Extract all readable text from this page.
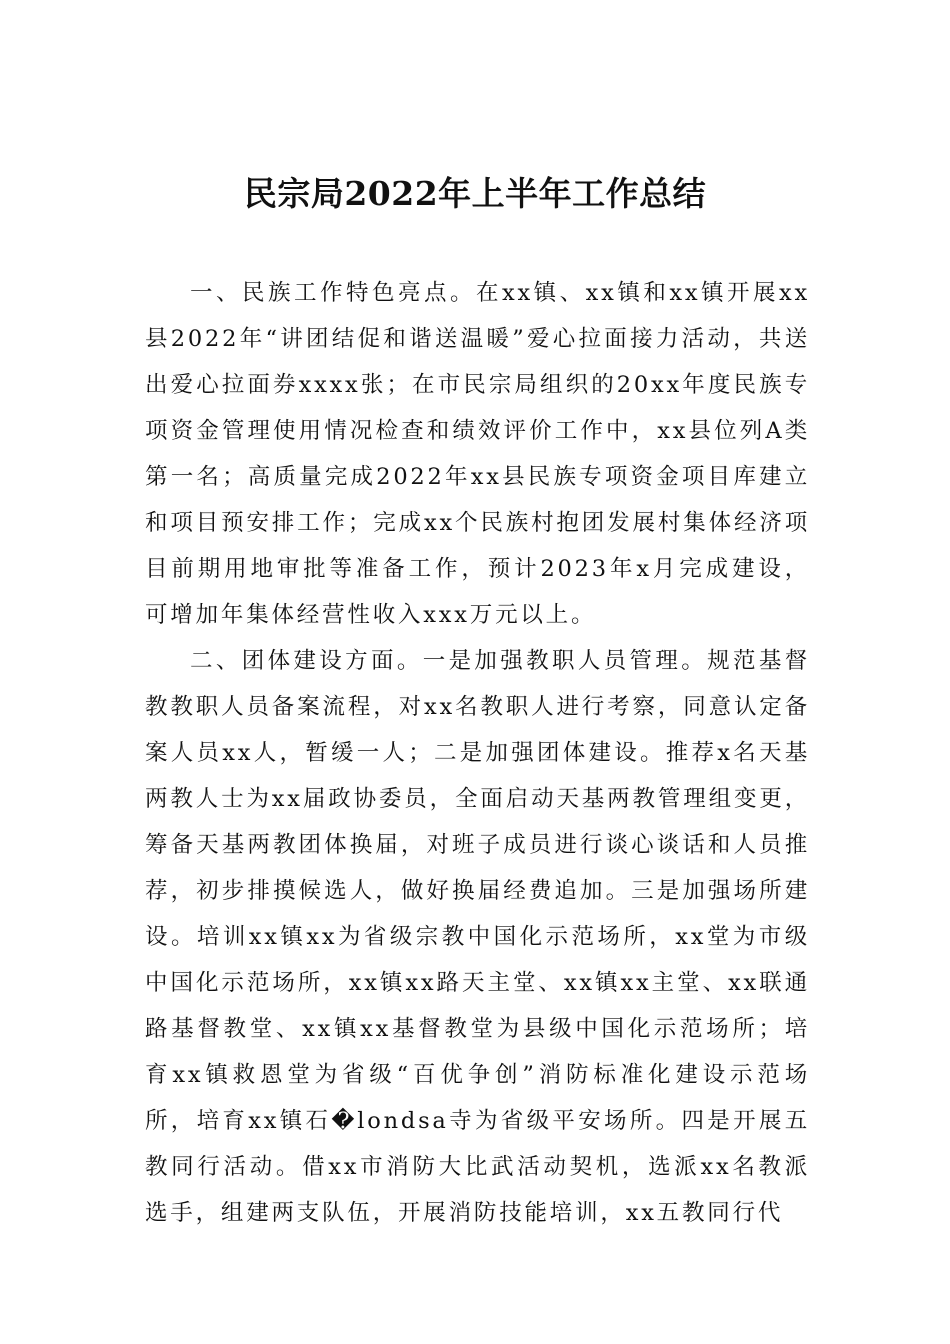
民宗局2022年上半年工作总结

一、民族工作特色亮点。在xx镇、xx镇和xx镇开展xx县2022年“讲团结促和谐送温暖”爱心拉面接力活动，共送出爱心拉面券xxxx张；在市民宗局组织的20xx年度民族专项资金管理使用情况检查和绩效评价工作中，xx县位列A类第一名；高质量完成2022年xx县民族专项资金项目库建立和项目预安排工作；完成xx个民族村抱团发展村集体经济项目前期用地审批等准备工作，预计2023年x月完成建设，可增加年集体经营性收入xxx万元以上。

二、团体建设方面。一是加强教职人员管理。规范基督教教职人员备案流程，对xx名教职人进行考察，同意认定备案人员xx人，暂缓一人；二是加强团体建设。推荐x名天基两教人士为xx届政协委员，全面启动天基两教管理组变更，筹备天基两教团体换届，对班子成员进行谈心谈话和人员推荐，初步排摸候选人，做好换届经费追加。三是加强场所建设。培训xx镇xx为省级宗教中国化示范场所，xx堂为市级中国化示范场所，xx镇xx路天主堂、xx镇xx主堂、xx联通路基督教堂、xx镇xx基督教堂为县级中国化示范场所；培育xx镇救恩堂为省级“百优争创”消防标准化建设示范场所，培育xx镇石�londsa寺为省级平安场所。四是开展五教同行活动。借xx市消防大比武活动契机，选派xx名教派选手，组建两支队伍，开展消防技能培训，xx五教同行代
